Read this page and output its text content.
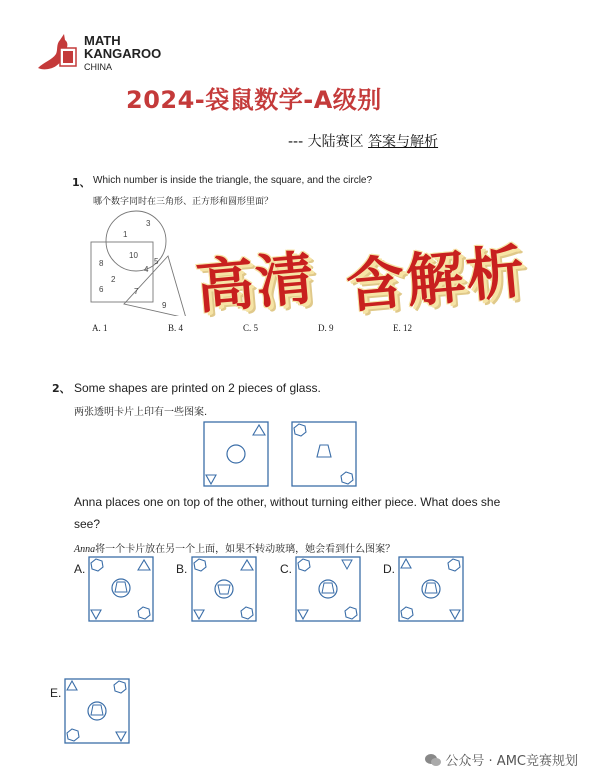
MATH
KANGAROO
CHINA
2024-袋鼠数学-A级别
--- 大陆赛区 答案与解析
1、 Which number is inside the triangle, the square, and the circle?
哪个数字同时在三角形、正方形和圆形里面？
3
1
10
4
5
8
2
6	7
9
A. 1	B. 4	C. 5	D. 9	E. 12
高清 含解析
2、 Some shapes are printed on 2 pieces of glass.
两张透明卡片上印有一些图案.
Anna places one on top of the other, without turning either piece. What does she
see?
Anna将一个卡片放在另一个上面，如果不转动玻璃，她会看到什么图案？
A.	B.	C.	D.
E.
公众号 · AMC竞赛规划
